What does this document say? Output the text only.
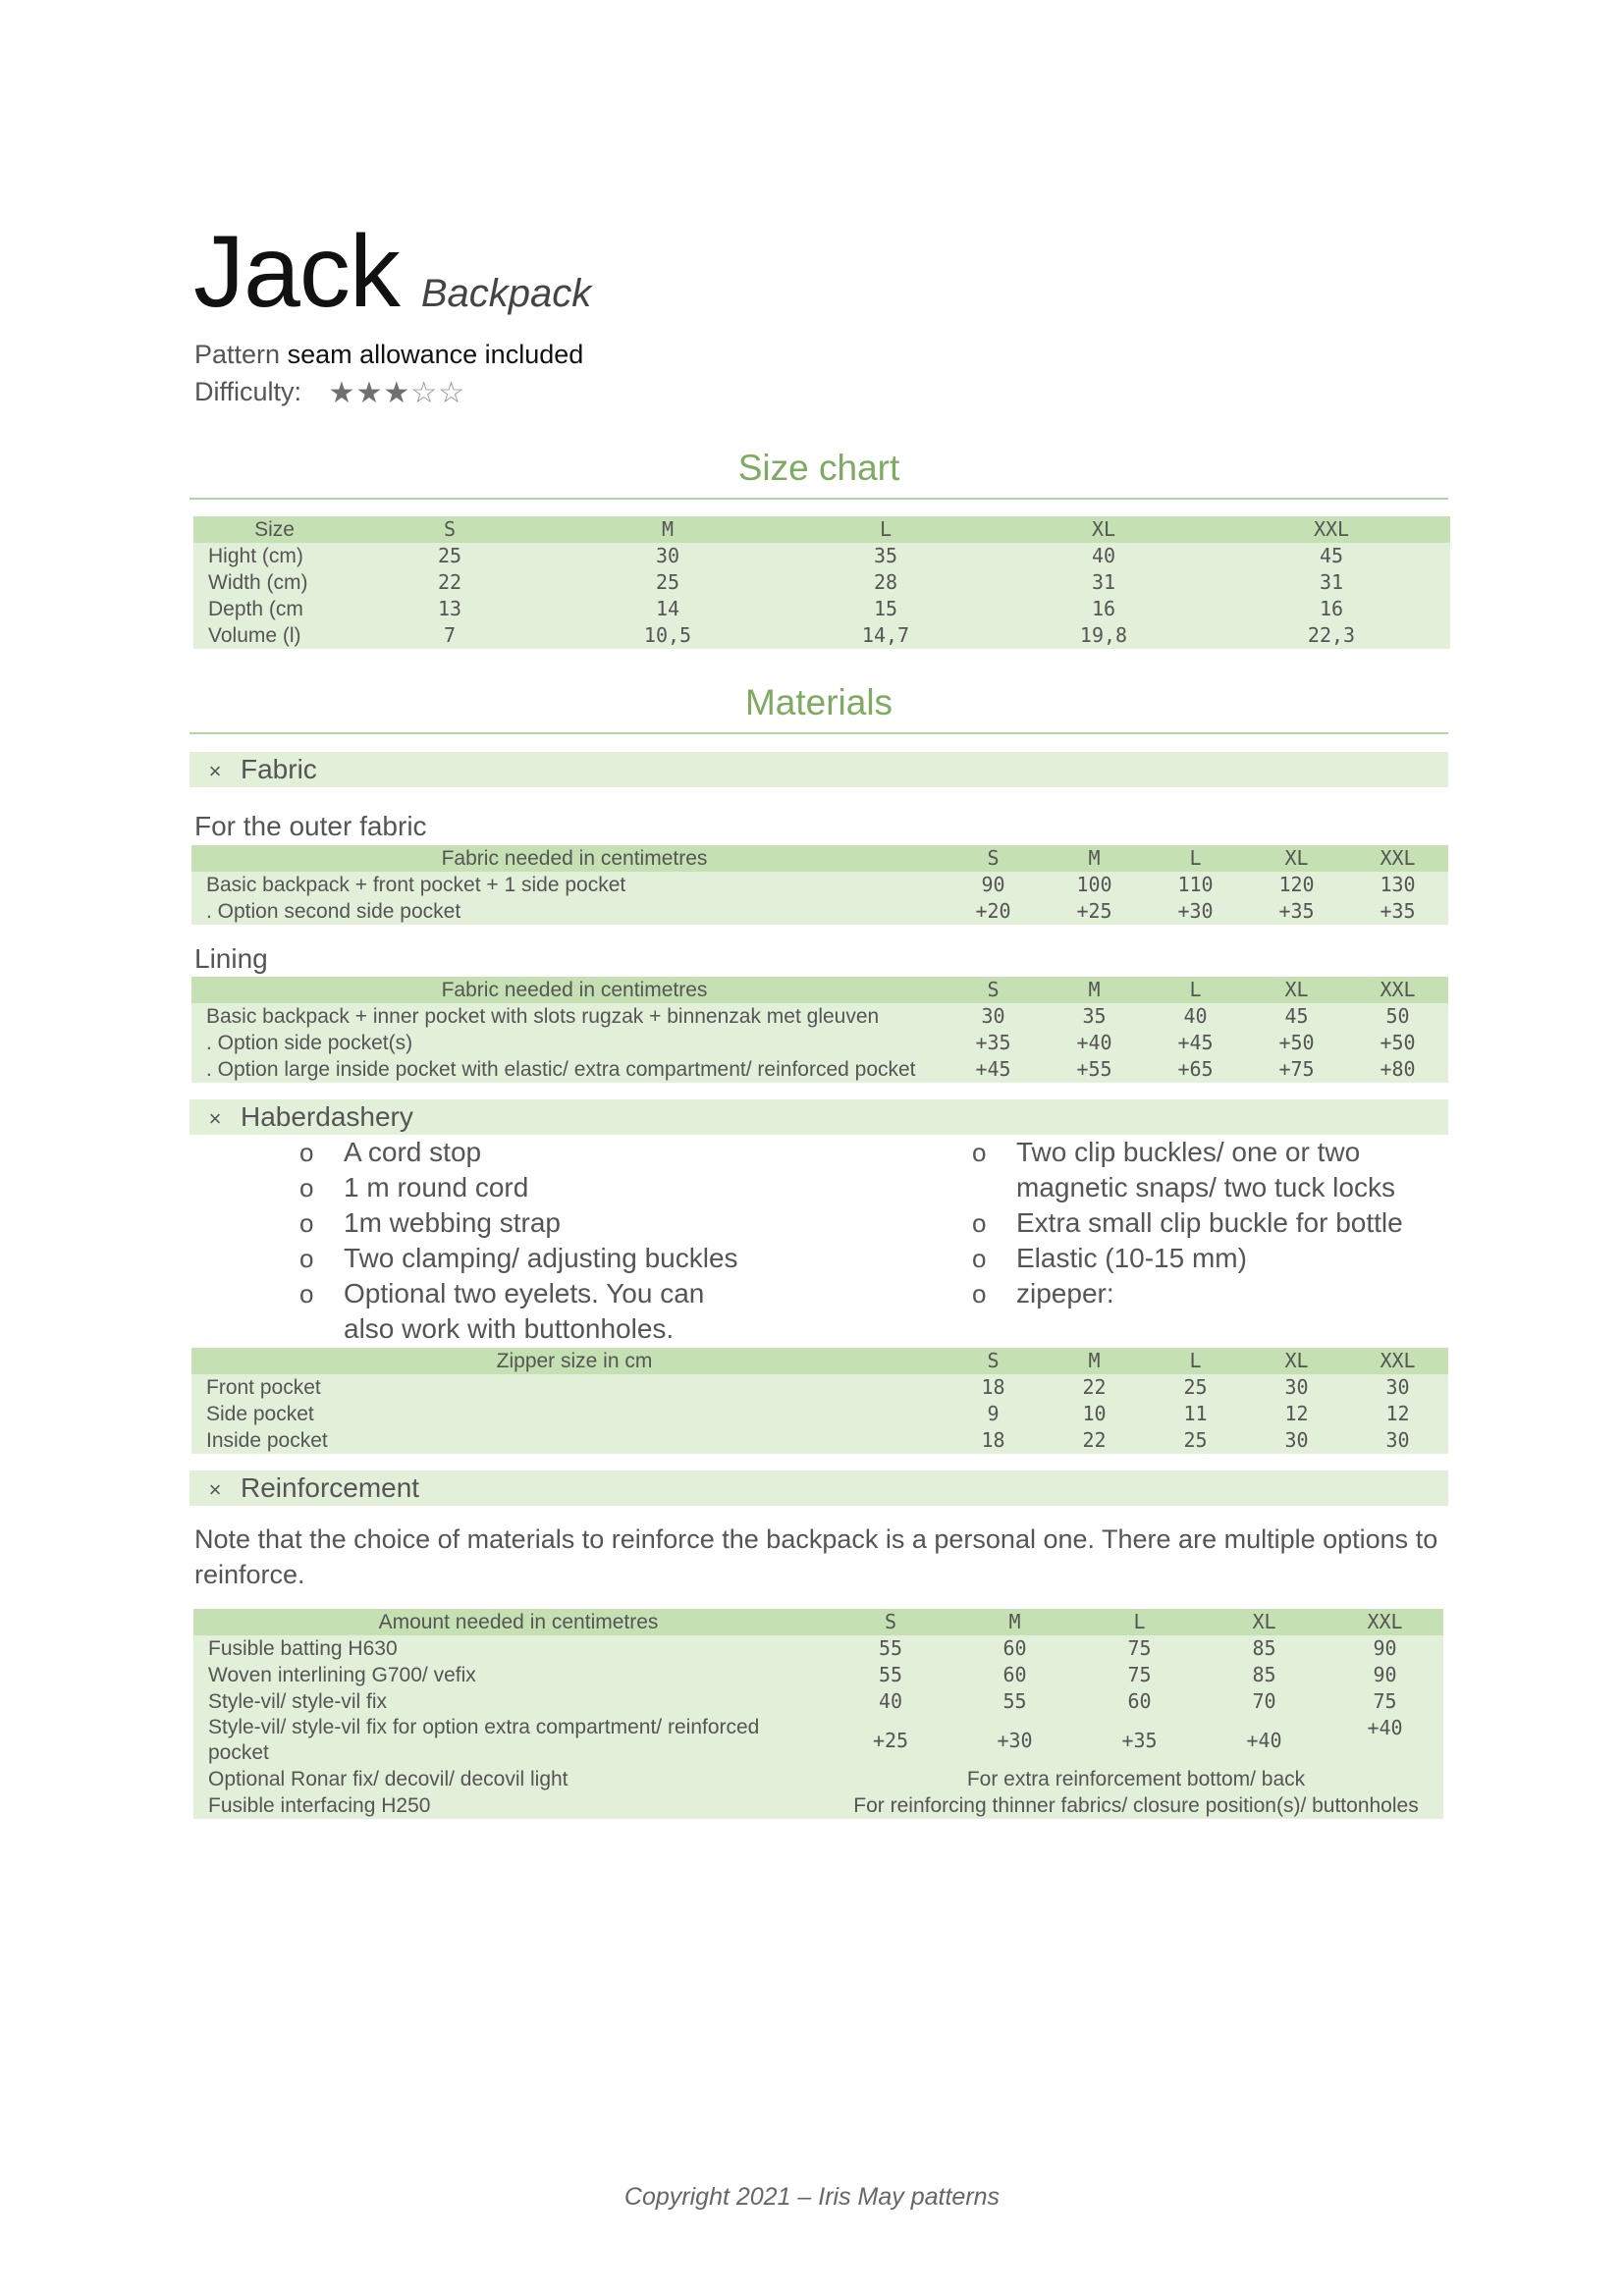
Jack Backpack
Pattern seam allowance included
Difficulty: ★★★☆☆
Size chart
Size	S	M	L	XL	XXL
Hight (cm)	25	30	35	40	45
Width (cm)	22	25	28	31	31
Depth (cm	13	14	15	16	16
Volume (l)	7	10,5	14,7	19,8	22,3
Materials
× Fabric
For the outer fabric
Fabric needed in centimetres	S	M	L	XL	XXL
Basic backpack + front pocket + 1 side pocket	90	100	110	120	130
. Option second side pocket	+20	+25	+30	+35	+35
Lining
Fabric needed in centimetres	S	M	L	XL	XXL
Basic backpack + inner pocket with slots rugzak + binnenzak met gleuven	30	35	40	45	50
. Option side pocket(s)	+35	+40	+45	+50	+50
. Option large inside pocket with elastic/ extra compartment/ reinforced pocket	+45	+55	+65	+75	+80
× Haberdashery
o A cord stop
o 1 m round cord
o 1m webbing strap
o Two clamping/ adjusting buckles
o Optional two eyelets. You can also work with buttonholes.
o Two clip buckles/ one or two magnetic snaps/ two tuck locks
o Extra small clip buckle for bottle
o Elastic (10-15 mm)
o zipeper:
Zipper size in cm	S	M	L	XL	XXL
Front pocket	18	22	25	30	30
Side pocket	9	10	11	12	12
Inside pocket	18	22	25	30	30
× Reinforcement
Note that the choice of materials to reinforce the backpack is a personal one. There are multiple options to reinforce.
Amount needed in centimetres	S	M	L	XL	XXL
Fusible batting H630	55	60	75	85	90
Woven interlining G700/ vefix	55	60	75	85	90
Style-vil/ style-vil fix	40	55	60	70	75
Style-vil/ style-vil fix for option extra compartment/ reinforced pocket	+25	+30	+35	+40	+40
Optional Ronar fix/ decovil/ decovil light	For extra reinforcement bottom/ back				
Fusible interfacing H250	For reinforcing thinner fabrics/ closure position(s)/ buttonholes				
Copyright 2021 – Iris May patterns
